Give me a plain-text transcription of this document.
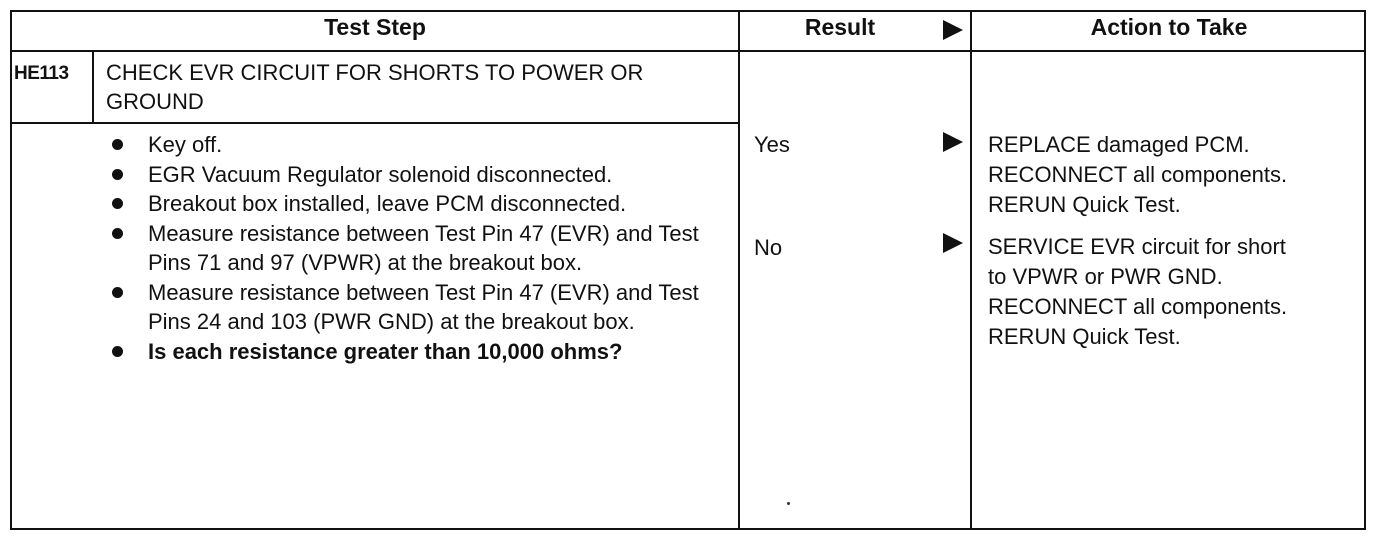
Test Step	Result	Action to Take
HE113 CHECK EVR CIRCUIT FOR SHORTS TO POWER OR GROUND
Key off.
EGR Vacuum Regulator solenoid disconnected.
Breakout box installed, leave PCM disconnected.
Measure resistance between Test Pin 47 (EVR) and Test Pins 71 and 97 (VPWR) at the breakout box.
Measure resistance between Test Pin 47 (EVR) and Test Pins 24 and 103 (PWR GND) at the breakout box.
Is each resistance greater than 10,000 ohms?
Yes	REPLACE damaged PCM.
RECONNECT all components.
RERUN Quick Test.
No	SERVICE EVR circuit for short
to VPWR or PWR GND.
RECONNECT all components.
RERUN Quick Test.
